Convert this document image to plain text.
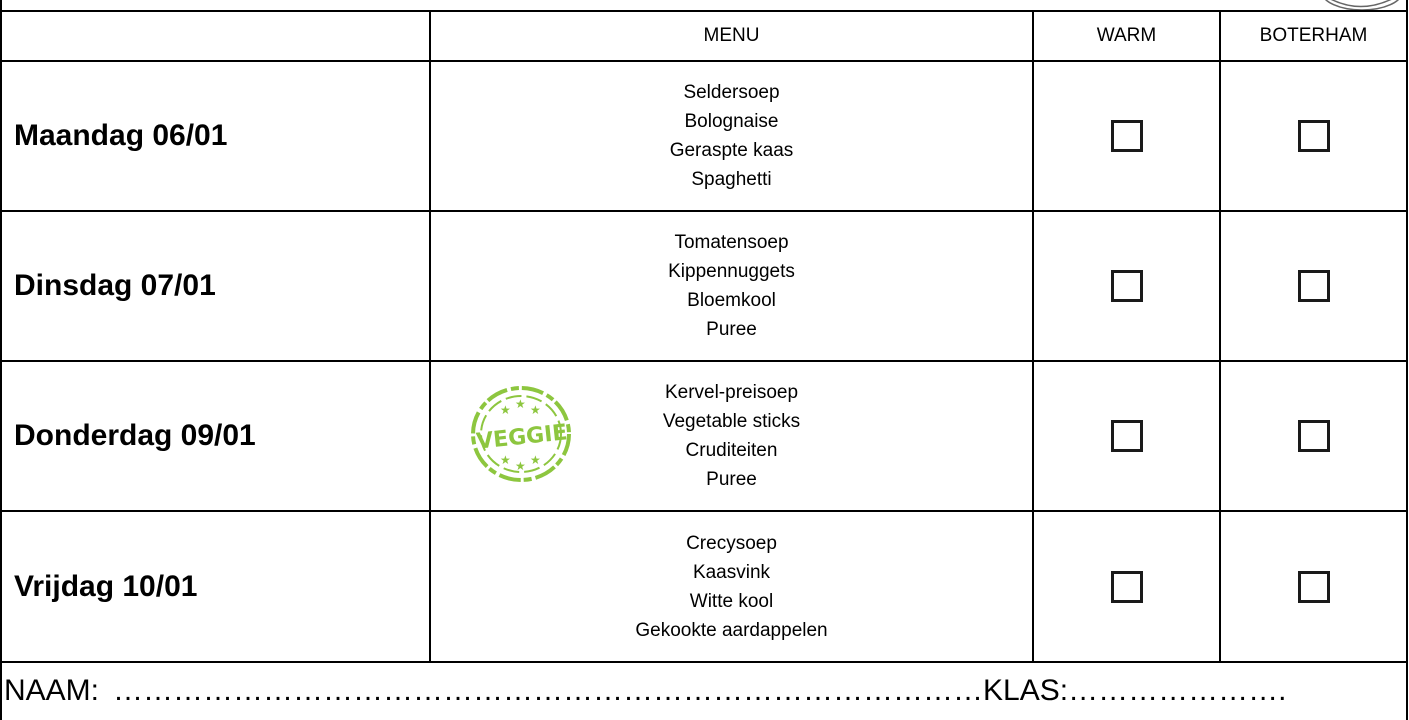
MENU	WARM	BOTERHAM
Maandag 06/01
Seldersoep
Bolognaise
Geraspte kaas
Spaghetti
Dinsdag 07/01
Tomatensoep
Kippennuggets
Bloemkool
Puree
Donderdag 09/01
Kervel-preisoep
Vegetable sticks
Cruditeiten
Puree
★ ★ ★
★ ★ ★
VEGGIE
Vrijdag 10/01
Crecysoep
Kaasvink
Witte kool
Gekookte aardappelen
NAAM: …………………………………………………………………………… KLAS: ………………….
